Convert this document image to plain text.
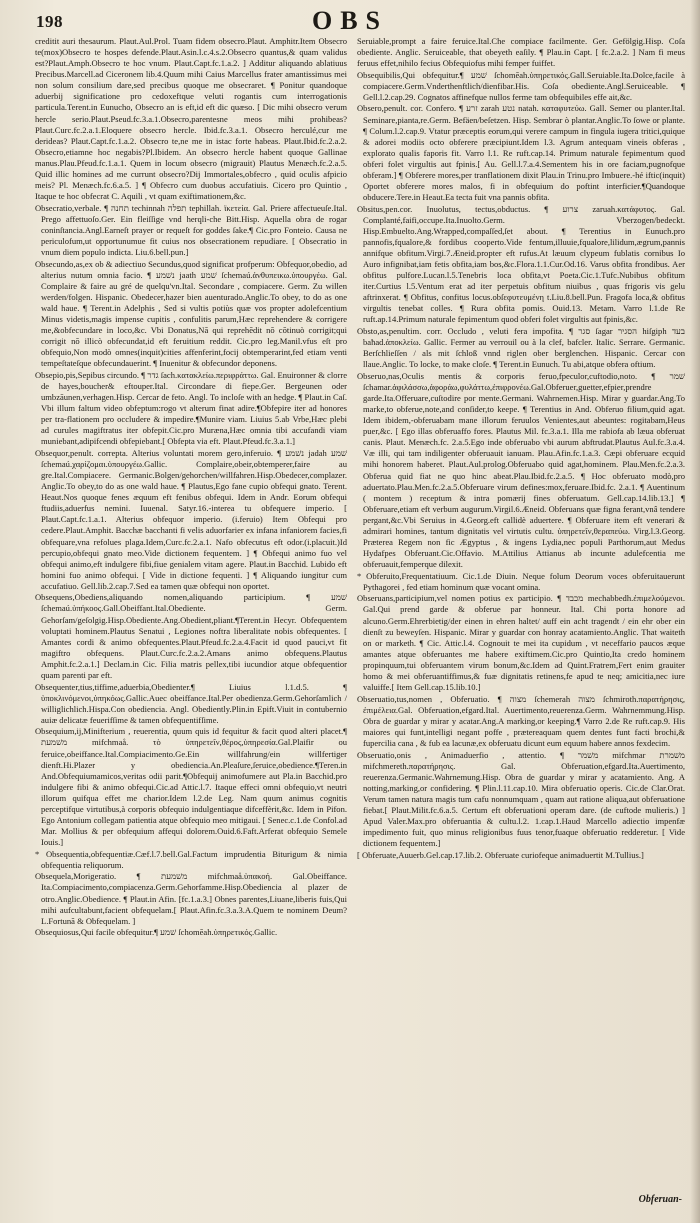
198	OBS

creditit auri thesaurum. Plaut.Aul.Prol. Tuam fidem obsecro.Plaut. Amphitr.Item Obsecro te(mox)Obsecro te hospes defende.Plaut.Asin.l.c.4.s.2.Obsecro quantus,& quam validus est?Plaut.Amph.Obsecro te hoc vnum. Plaut.Capt.fc.1.a.2. ] Additur aliquando ablatiuus Precibus.Marcell.ad Ciceronem lib.4.Quum mihi Caius Marcellus frater amantissimus mei non solum consilium dare,sed precibus quoque me obsecraret. ¶ Ponitur quandoque aduerbij significatione pro cedoxeftque veluti rogantis cum interrogationis particula.Terent.in Eunucho, Obsecro an is eft,id eft dic quæso. [ Dic mihi obsecro verum hercle serio.Plaut.Pseud.fc.3.a.1.Obsecro,parentesne meos mihi prohibeas?Plaut.Curc.fc.2.a.1.Eloquere obsecro hercle. Ibid.fc.3.a.1. Obsecro herculé,cur me derideas? Plaut.Capt.fc.1.a.2. Obsecro te,ne me in istac forte habeas. Plaut.Ibid.fc.2.a.2. Obsecro,etiamne hoc negabis?Pl.Ibidem. An obsecro hercle habent quoque Gallinae manus.Plau.Pfeud.fc.1.a.1. Quem in locum obsecro (migrauit) Plautus Menæch.fc.2.a.5. Quid illic homines ad me currunt obsecro?Dij Immortales,obfecro , quid oculis afpicio meis? Pl. Menæch.fc.6.a.5. ] ¶ Obfecro cum duobus accufatiuis. Cicero pro Quintio , Itaque te hoc obfecrat C. Aquili , vt quam exiftimationem,&c.

Obsecratio,verbale. ¶ תחנה techinnah תפלה tephillah. ϊκετεία. Gal. Priere affectueuſe.Ital. Prego affettuoſo.Ger. Ein fleiſſige vnd herqli-che Bitt.Hisp. Aquella obra de rogar coninſtancia.Angl.Earneſt prayer or requeſt for goddes ſake.¶ Cic.pro Fonteio. Causa ne periculofum,ut opportunumue fit cuius nos obsecrationem repudiare. [ Obsecratio in vnum diem populo indicta. Liu.6.bell.pun.]

Obsecundo,as,ex ob & adiectiuo Secundus,quod significat profperum: Obfequor,obedio, ad alterius nutum omnia facio. ¶ נשׁמע jaath שׁמע ſchemaú.ἀνθυπεικω.ὑπουργέω. Gal. Complaire & faire au gré de quelqu'vn.Ital. Secondare , compiacere. Germ. Zu willen werden/folgen. Hispanic. Obedecer,hazer bien auenturado.Anglic.To obey, to do as one wald haue. ¶ Terent.in Adelphis , Sed si vultis potiùs quæ vos propter adolefcentium Minus videtis,magis impense cupitis , confulitis parum,Hæc reprehendere & corrigere me,&obfecundare in loco,&c. Vbi Donatus,Nā qui reprehēdit nō cōtinuò corrigit;qui corrigit nō illicò obfecundat,id eft feruitium reddit. Cic.pro leg.Manil.vfus eſt pro obfequio,Non modò omnes(inquit)cities affenferint,focij obtemperarint,fed etiam venti tempeſtateſque obfecundauerint. ¶ Inuenitur & obfecundor deponens.

Obsepio,pis,Sepibus circundo. ¶ גדר ſach.κατακλείω.περιφράττω. Gal. Enuironner & clorre de hayes,boucher& eftouper.Ital. Circondare di fiepe.Ger. Bergeunen oder umbzāunen,verhagen.Hisp. Cercar de feto. Angl. To incloſe with an hedge. ¶ Plaut.in Caſ. Vbi illum faltum video obfeptum:rogo vt alterum finat adire.¶Obfepire iter ad honores per tra-flationem pro occludere & impedire.¶Munire viam. Liuius 5.ab Vrbe,Hæc plebi ad curules magiftratus iter obfepit.Cic.pro Muræna,Hæc omnia tibi accufandi viam muniebant,adipifcendi obfepiebant.[ Obfepta via eft. Plaut.Pfeud.fc.3.a.1.]

Obsequor,penult. correpta. Alterius voluntati morem gero,inferuio. ¶ נשׁמע jadah שׁמע ſchemaú.χαρίζομαι.ὑπουργέω.Gallic. Complaire,obeir,obtemperer,faire au gre.Ital.Compiacere. Germanic.Bolgen/gehorchen/willfahren.Hisp.Obedecer,complazer. Anglic.To obey,to do as one wald haue. ¶ Plautus,Ego fane cupio obfequi gnato. Terent. Heaut.Nos quoque fenes æquum eft fenibus obfequi. Idem in Andr. Eorum obfequi ftudiis,aduerfus nemini. Iuuenal. Satyr.16.-interea tu obfequere imperio. [ Plaut.Capt.fc.1.a.1. Alterius obfequor imperio. (i.feruio) Item Obfequi pro cedere.Plaut.Amphit. Bacchæ bacchanti fi velis aduorfarier ex infana infaniorem facies,fi obfequare,vna refolues plaga.Idem,Curc.fc.2.a.1. Nafo obfecutus eft odor.(i.placuit.)Id percupio,obfequi gnato meo.Vide dictionem fequentem. ] ¶ Obfequi animo fuo vel obfequi animo,eft indulgere fibi,fiue genialem vitam agere. Plaut.in Bacchid. Lubido eft homini fuo animo obfequi. [ Vide in dictione fequenti. ] ¶ Aliquando iungitur cum accufatiuo. Gell.lib.2.cap.7.Sed ea tamen quæ obfequi non oportet.

Obsequens,Obediens,aliquando nomen,aliquando participium. ¶ שׁמע ſchemaú.ὑπήκοος.Gall.Obeiffant.Ital.Obediente. Germ. Gehorſam/geſolgig.Hisp.Obediente.Ang.Obedient,pliant.¶Terent.in Hecyr. Obfequentem voluptati hominem.Plautus Senatui , Legiones noftra liberalitate nobis obfequentes. [ Amantes cordi & animo obfequentes.Plaut.Pfeud.fc.2.a.4.Facit id quod pauci,vt fit magiftro obfequens. Plaut.Curc.fc.2.a.2.Amans animo obfequens.Plautus Amphit.fc.2.a.1.] Declam.in Cic. Filia matris pellex,tibi iucundior atque obfequentior quam parenti par eft.

Obsequenter,tius,tiffime,aduerbia,Obedienter.¶ Liuius l.1.d.5. ¶ ὑποκλινόμενοι,ὑπηκόως.Gallic.Auec obeiffance.Ital.Per obedienza.Germ.Gehorſamlich / williglichlich.Hispa.Con obediencia. Angl. Obediently.Plin.in Epift.Viuit in contubernio auiæ delicatæ feuerifſime & tamen obfequentifſime.

Obsequium,ij,Minifterium , reuerentia, quum quis id fequitur & facit quod alteri placet.¶ משׁמעת mifchmaå. τὸ ὑπηρετεῖν,θέρος,ὑπηρεσία.Gal.Plaifir ou feruice,obeiffance.Ital.Compiacimento.Ge.Ein willfahrung/ein willfertiger dienft.Hi.Plazer y obediencia.An.Pleaſure,ſeruice,obedience.¶Teren.in And.Obfequiumamicos,veritas odii parit.¶Obfequij animofumere aut Pla.in Bacchid.pro indulgere fibi & animo obfequi.Cic.ad Attic.l.7. Itaque effeci omni obfequio,vt neutri illorum quifqua effet me charior.Idem l.2.de Leg. Nam quum animus cognitis perceptifque virtutibus,à corporis obfequio indulgentiaque difceffèrit,&c. Idem in Pifon. Ego Antonium collegam patientia atque obfequio meo mitigaui. [ Senec.c.1.de Confol.ad Mar. Mollius & per obfequium affequi dolorem.Ouid.6.Faft.Arferat obfequio Semele Iouis.]

* Obsequentia,obfequentiæ.Cæf.l.7.bell.Gal.Factum imprudentia Biturigum & nimia obfequentia reliquorum.

Obsequela,Morigeratio. ¶ משׁמעת mifchmaå.ὑπακοή. Gal.Obeiffance. Ita.Compiacimento,compiacenza.Germ.Gehorfamme.Hisp.Obediencia al plazer de otro.Anglic.Obedience. ¶ Plaut.in Afin. [fc.1.a.3.] Obnes parentes,Liuane,liberis fuis,Qui mihi aufcultabunt,facient obfequelam.[ Plaut.Afin.fc.3.a.3.A.Quem te nominem Deum? L.Fortunã & Obfequelam. ]

Obsequiosus,Qui facile obfequitur.¶ שׁמע ſchomēah.ὑπηρετικός.Gallic.

Seruiable,prompt a faire feruice.Ital.Che compiace facilmente. Ger. Gefölgig.Hisp. Coſa obediente. Anglic. Seruiceable, that obeyeth eaſily. ¶ Plau.in Capt. [ fc.2.a.2. ] Nam fi meus feruus effet,nihilo fecius Obfequiofus mihi femper fuiffet.

Obsequibilis,Qui obfequitur.¶ שׁמע ſchomēah.ὑπηρετικός.Gall.Seruiable.Ita.Dolce,facile à compiacere.Germ.Vnderthenftlich/dienfibar.His. Coſa obediente.Angl.Seruiceable. ¶ Gell.l.2.cap.29. Cognatos affinefque nullos ferme tam obfequibiles effe ait,&c.

Obsero,penult. cor. Confero. ¶ זרע zarah נטע natah. καταφυτεύω. Gall. Semer ou planter.Ital. Seminare,pianta,re.Germ. Befäen/beſetzen. Hisp. Sembrar ò plantar.Anglic.To ſowe or plante. ¶ Colum.l.2.cap.9. Vtatur præceptis eorum,qui verere campum in fingula iugera tritici,quique & adorei modiis octo obferere præcipiunt.Idem l.3. Agrum antequam vineis obferas , explorato qualis faporis fit. Varro l.1. Re ruft.cap.14. Primum naturale fepimentum quod obferi folet virgultis aut fpinis.[ Au. Gell.l.7.a.4.Sementem his in ore faciam,pugnofque obferam.] ¶ Obferere mores,per tranflationem dixit Plau.in Trinu.pro Imbuere.-hé iftic(inquit) Oportet obferere mores malos, fi in obfequium do poftint interficier.¶Quandoque obducere.Tere.in Heaut.Ea tecta fuit vna pannis obfita.

Obsitus,pen.cor. Inuolutus, tectus,obductus. ¶ צרוע zaruah.κατάφυτος. Gal. Complanté,faifi,occupe.Ita.Inuolto.Germ. Vberzogen/bedeckt. Hisp.Embuelto.Ang.Wrapped,compaſſed,ſet about. ¶ Terentius in Eunuch.pro pannofis,fqualore,& fordibus cooperto.Vide fentum,illuuie,fqualore,lilidum,ægrum,pannis annifque obfitum.Virgi.7.Æneid.propter eft rufus.At læuum clypeum fublatis cornibus Io Auro infignibat,iam fetis obfita,iam bos,&c.Flora.1.1.Cur.Od.16. Varus obfita frondibus. Aer obfitus pulfore.Lucan.l.5.Tenebris loca obfita,vt Poeta.Cic.1.Tufc.Nubibus obfitum iter.Curtius l.5.Ventum erat ad iter perpetuis obfitum niuibus , quas frigoris vis gelu aftrinxerat. ¶ Obfitus, confitus locus.obſεφυτευμένη t.Liu.8.bell.Pun. Fragofa loca,& obfitus virgultis tenebat colles. ¶ Rura obfita pomis. Ouid.13. Metam. Varro l.1.de Re ruft.ap.14.Primum naturale fepimentum quod obferi folet virgultis aut fpinis,&c.

Obsto,as,penultim. corr. Occludo , veluti fera impofita. ¶ סגר ſagar הסגיר hiſgiph בעד baħad.ἀποκλείω. Gallic. Fermer au verrouil ou à la clef, bafcler. Italic. Serrare. Germanic. Berſchlieſſen / als mit ſchloß vnnd riglen ober berglenchen. Hispanic. Cercar con llaue.Anglic. To locke, to make cloſe. ¶ Terent.in Eunuch. Tu abi,atque obfera oftium.

Obseruo,nas,Oculis mentis & corporis feruo,fpeculor,cuftodio,noto. ¶ שׁמר ſchamar.ἀφιλάσσω,ἀφοράω,φυλάττω,ἐπιφρονέω.Gal.Obferuer,guetter,efpier,prendre garde.Ita.Offeruare,cuſtodire por mente.Germani. Wahrnemen.Hisp. Mirar y guardar.Ang.To marke,to obferue,note,and conſider,to keepe. ¶ Terentius in And. Obferuo filium,quid agat. Idem ibidem,-obferuabam mane illorum feruulos Venientes,aut abeuntes: rogitabam,Heus puer,&c. [ Ego illas obferuaffo fores. Plautus Mil. fc.3.a.1. Illa me rabiofa ab læua obferuat canis. Plaut. Menæch.fc. 2.a.5.Ego inde obferuabo vbi aurum abftrudat.Plautus Aul.fc.3.a.4. Væ illi, qui tam indiligenter obferuauit ianuam. Plau.Afin.fc.1.a.3. Cæpi obferuare ecquid mihi honorem haberet. Plaut.Aul.prolog.Obferuabo quid agat,hominem. Plau.Men.fc.2.a.3. Obferua quid fiat ne quo hinc abeat.Plau.Ibid.fc.2.a.5. ¶ Hoc obferuato modò,pro aduertato.Plau.Men.fc.2.a.5.Obferuare virum defines:mox,feruare.Ibid.fc. 2.a.1. ¶ Auentinum ( montem ) receptum & intra pomærij fines obferuatum. Gell.cap.14.lib.13.] ¶ Obferuare,etiam eft verbum augurum.Virgil.6.Æneid. Obferuans quæ figna ferant,vnâ tendere pergant,&c.Vbi Seruius in 4.Georg.eft callidè aduertere. ¶ Obferuare item eft venerari & admirari homines, tantum dignitatis vel virtutis cultu. ὑπηρετεῖν,θεραπεύω. Virg.l.3.Georg. Præterea Regem non fic Ægyptus , & ingens Lydia,nec populi Parthorum,aut Medus Hydafpes Obferuant.Cic.Offavio. M.Attilius Attianus ab incunte adulefcentia me obferuauit,femperque dilexit.

* Obferuito,Frequentatiuum. Cic.1.de Diuin. Neque folum Deorum voces obferuitauerunt Pythagorei , fed etiam hominum quæ vocant omina.

Obseruans,participium,vel nomen potius ex participio. ¶ מכבד mechabbedh.ἐπιμελούμενοι. Gal.Qui prend garde & obferue par honneur. Ital. Chi porta honore ad alcuno.Germ.Ehrerbietig/der einen in ehren haltet/ auff ein acht tragendt / ein ehr ober ein dienſt zu beweyſen. Hispanic. Mirar y guardar con honray acatamiento.Anglic. That waiteth on or marketh. ¶ Cic. Attic.l.4. Cognouit te mei ita cupidum , vt neceffario paucos æque amantes atque obferuantes me habere exiftimem.Cic.pro Quintio,Ita credo hominem propinquum,tui obferuantem virum bonum,&c.Idem ad Quint.Fratrem,Fert enim grauiter homo & mei obferuantiffimus,& fuæ dignitatis retinens,fe apud te neq; amicitia,nec iure valuiffe.[ Item Gell.cap.15.lib.10.]

Obseruatio,tus,nomen , Obferuatio. ¶ מצוה ſchemerah מצוה ſchmiroth.παρατήρησις, ἐπιμέλεια.Gal. Obferuation,efgard.Ital. Auertimento,reuerenza.Germ. Wahrnemmung.Hisp. Obra de guardar y mirar y acatar.Ang.A marking,or keeping.¶ Varro 2.de Re ruft.cap.9. His maiores qui funt,intelligi negant poffe , prætereaquam quem dentes funt facti brochi,& fupercilia cana , & fub ea lacunæ,ex obferuatu dicunt eum equum habere annos fexdecim.

Obseruatio,onis , Animaduerfio , attentio. ¶ משׁמר mifchmar משׁמרת mifchmereth.παρατήρησις. Gal. Obferuation,efgard.Ita.Auertimento, reuerenza.Germanic.Wahrnemung.Hisp. Obra de guardar y mirar y acatamiento. Ang. A notting,marking,or confidering. ¶ Plin.l.11.cap.10. Mira obferuatio operis. Cic.de Clar.Orat. Verum tamen natura magis tum cafu nonnumquam , quam aut ratione aliqua,aut obferuatione fiebat.[ Plaut.Milit.fc.6.a.5. Certum eft obferuationi operam dare. (de cuftode mulieris.) ] Apud Valer.Max.pro obferuantia & cultu.l.2. 1.cap.1.Haud Marcello adiectio impenfæ impedimento fuit, quo minus religionibus fuus tenor,fuaque obferuatio redderetur. [ Vide dictionem fequentem.]

[ Obferuate,Auuerb.Gel.cap.17.lib.2. Obferuate curiofeque animaduertit M.Tullius.]

Obferuan-
